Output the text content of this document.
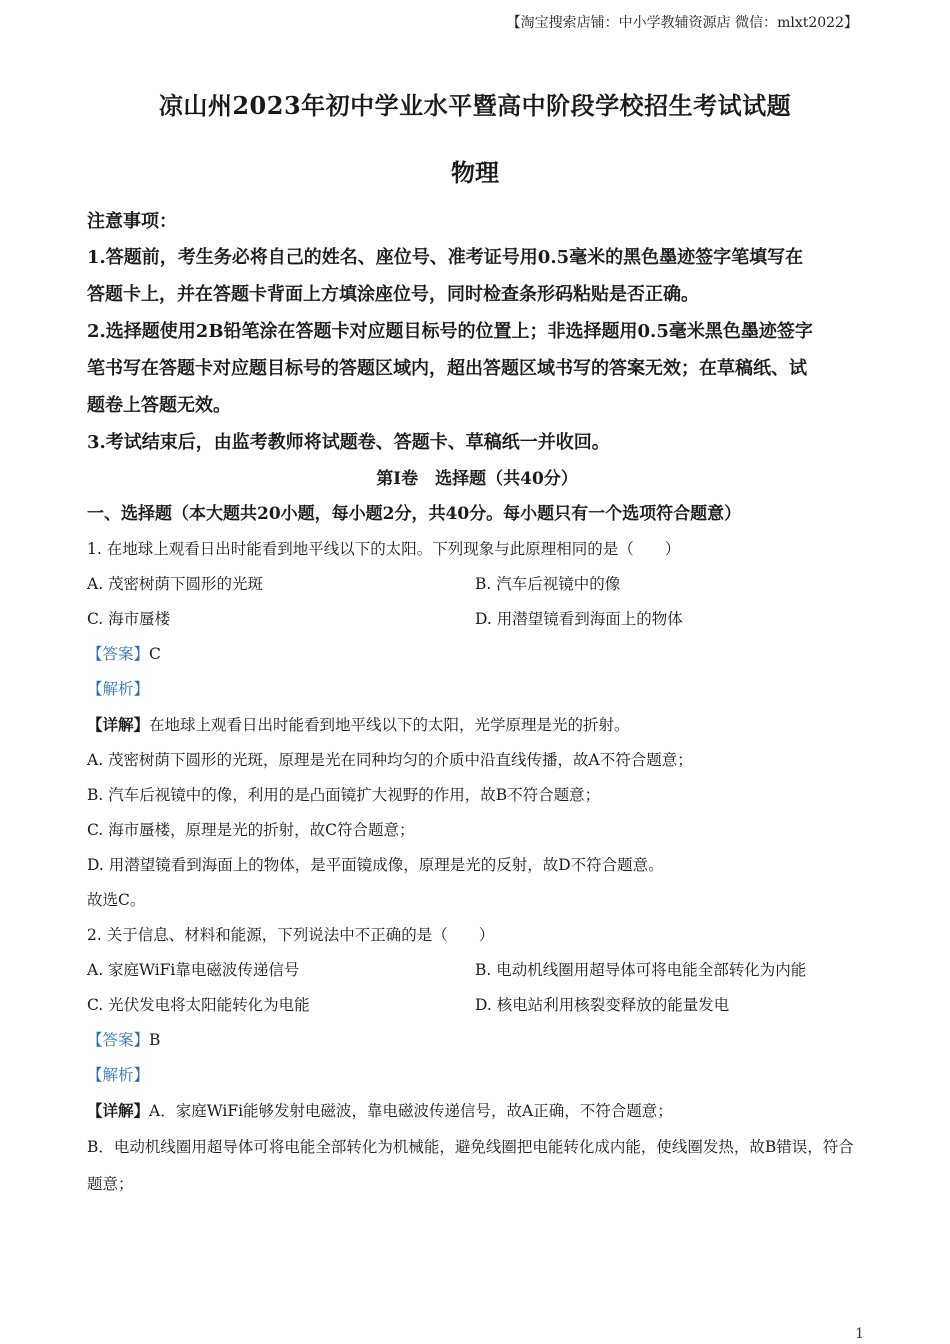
【淘宝搜索店铺：中小学教辅资源店 微信：mlxt2022】
凉山州2023年初中学业水平暨高中阶段学校招生考试试题
物理

注意事项：

1.答题前，考生务必将自己的姓名、座位号、准考证号用0.5毫米的黑色墨迹签字笔填写在

答题卡上，并在答题卡背面上方填涂座位号，同时检查条形码粘贴是否正确。

2.选择题使用2B铅笔涂在答题卡对应题目标号的位置上；非选择题用0.5毫米黑色墨迹签字

笔书写在答题卡对应题目标号的答题区域内，超出答题区域书写的答案无效；在草稿纸、试

题卷上答题无效。

3.考试结束后，由监考教师将试题卷、答题卡、草稿纸一并收回。

第Ⅰ卷　选择题（共40分）

一、选择题（本大题共20小题，每小题2分，共40分。每小题只有一个选项符合题意）

1. 在地球上观看日出时能看到地平线以下的太阳。下列现象与此原理相同的是（　　）

A. 茂密树荫下圆形的光斑	B. 汽车后视镜中的像
C. 海市蜃楼	D. 用潜望镜看到海面上的物体

【答案】C

【解析】

【详解】在地球上观看日出时能看到地平线以下的太阳，光学原理是光的折射。

A. 茂密树荫下圆形的光斑，原理是光在同种均匀的介质中沿直线传播，故A不符合题意；

B. 汽车后视镜中的像，利用的是凸面镜扩大视野的作用，故B不符合题意；

C. 海市蜃楼，原理是光的折射，故C符合题意；

D. 用潜望镜看到海面上的物体，是平面镜成像，原理是光的反射，故D不符合题意。

故选C。

2. 关于信息、材料和能源，下列说法中不正确的是（　　）

A. 家庭WiFi靠电磁波传递信号	B. 电动机线圈用超导体可将电能全部转化为内能
C. 光伏发电将太阳能转化为电能	D. 核电站利用核裂变释放的能量发电

【答案】B

【解析】

【详解】A．家庭WiFi能够发射电磁波，靠电磁波传递信号，故A正确，不符合题意；

B．电动机线圈用超导体可将电能全部转化为机械能，避免线圈把电能转化成内能，使线圈发热，故B错误，符合题意；

1
